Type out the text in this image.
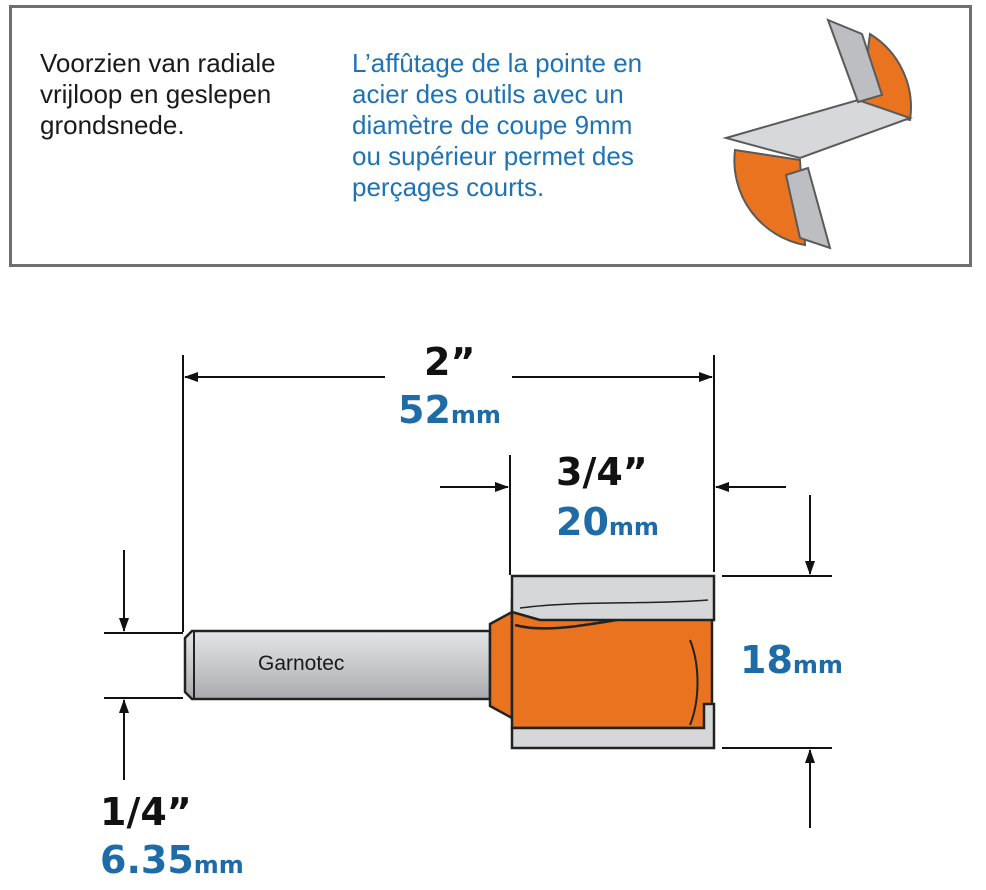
Voorzien van radiale
vrijloop en geslepen
grondsnede.
L’affûtage de la pointe en
acier des outils avec un
diamètre de coupe 9mm
ou supérieur permet des
perçages courts.
Garnotec
2”
52mm
3/4”
20mm
18mm
1/4”
6.35mm
